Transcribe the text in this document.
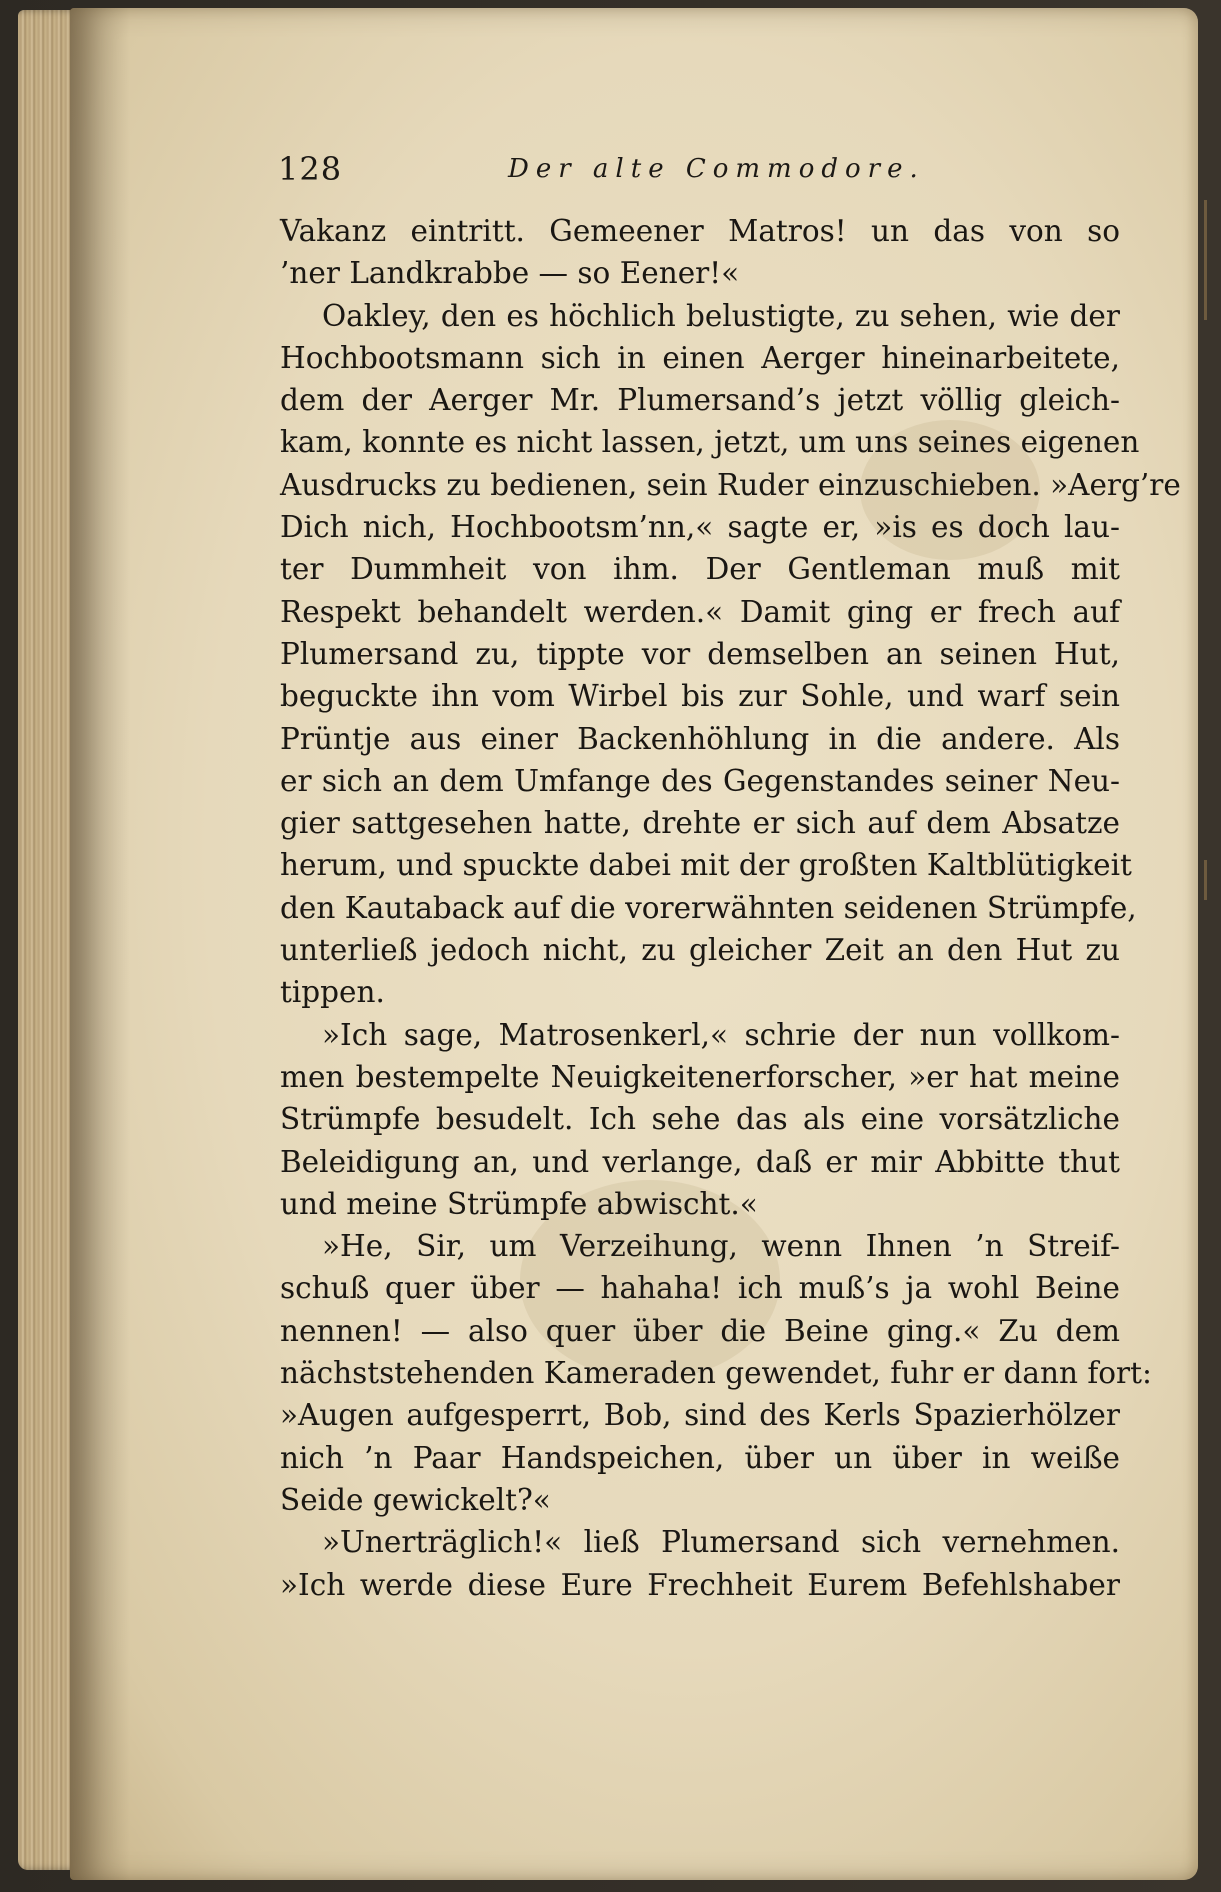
128	Der alte Commodore.
Vakanz eintritt. Gemeener Matros! un das von so
’ner Landkrabbe — so Eener!«
Oakley, den es höchlich belustigte, zu sehen, wie der
Hochbootsmann sich in einen Aerger hineinarbeitete,
dem der Aerger Mr. Plumersand’s jetzt völlig gleich-
kam, konnte es nicht lassen, jetzt, um uns seines eigenen
Ausdrucks zu bedienen, sein Ruder einzuschieben. »Aerg’re
Dich nich, Hochbootsm’nn,« sagte er, »is es doch lau-
ter Dummheit von ihm. Der Gentleman muß mit
Respekt behandelt werden.« Damit ging er frech auf
Plumersand zu, tippte vor demselben an seinen Hut,
beguckte ihn vom Wirbel bis zur Sohle, und warf sein
Prüntje aus einer Backenhöhlung in die andere. Als
er sich an dem Umfange des Gegenstandes seiner Neu-
gier sattgesehen hatte, drehte er sich auf dem Absatze
herum, und spuckte dabei mit der großten Kaltblütigkeit
den Kautaback auf die vorerwähnten seidenen Strümpfe,
unterließ jedoch nicht, zu gleicher Zeit an den Hut zu
tippen.
»Ich sage, Matrosenkerl,« schrie der nun vollkom-
men bestempelte Neuigkeitenerforscher, »er hat meine
Strümpfe besudelt. Ich sehe das als eine vorsätzliche
Beleidigung an, und verlange, daß er mir Abbitte thut
und meine Strümpfe abwischt.«
»He, Sir, um Verzeihung, wenn Ihnen ’n Streif-
schuß quer über — hahaha! ich muß’s ja wohl Beine
nennen! — also quer über die Beine ging.« Zu dem
nächststehenden Kameraden gewendet, fuhr er dann fort:
»Augen aufgesperrt, Bob, sind des Kerls Spazierhölzer
nich ’n Paar Handspeichen, über un über in weiße
Seide gewickelt?«
»Unerträglich!« ließ Plumersand sich vernehmen.
»Ich werde diese Eure Frechheit Eurem Befehlshaber
